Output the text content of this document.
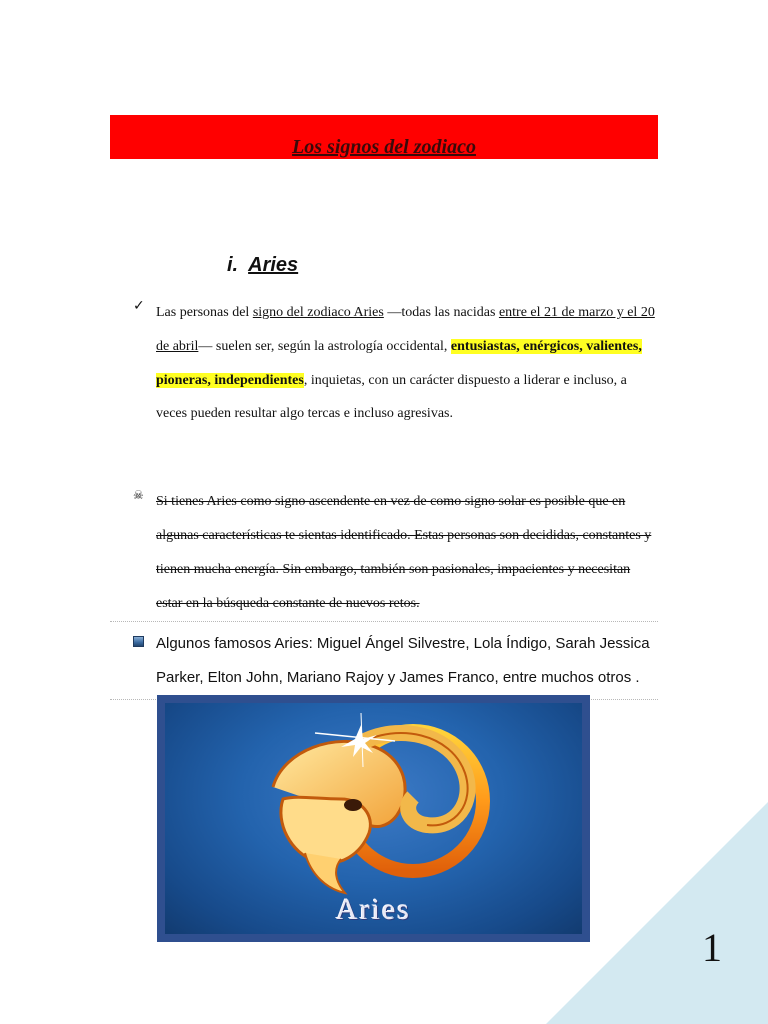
Los signos del zodiaco
i. Aries
✓ Las personas del signo del zodiaco Aries —todas las nacidas entre el 21 de marzo y el 20 de abril— suelen ser, según la astrología occidental, entusiastas, enérgicos, valientes, pioneras, independientes, inquietas, con un carácter dispuesto a liderar e incluso, a veces pueden resultar algo tercas e incluso agresivas.
☠ Si tienes Aries como signo ascendente en vez de como signo solar es posible que en algunas características te sientas identificado. Estas personas son decididas, constantes y tienen mucha energía. Sin embargo, también son pasionales, impacientes y necesitan estar en la búsqueda constante de nuevos retos.
Algunos famosos Aries: Miguel Ángel Silvestre, Lola Índigo, Sarah Jessica Parker, Elton John, Mariano Rajoy y James Franco, entre muchos otros .
Aries
1
